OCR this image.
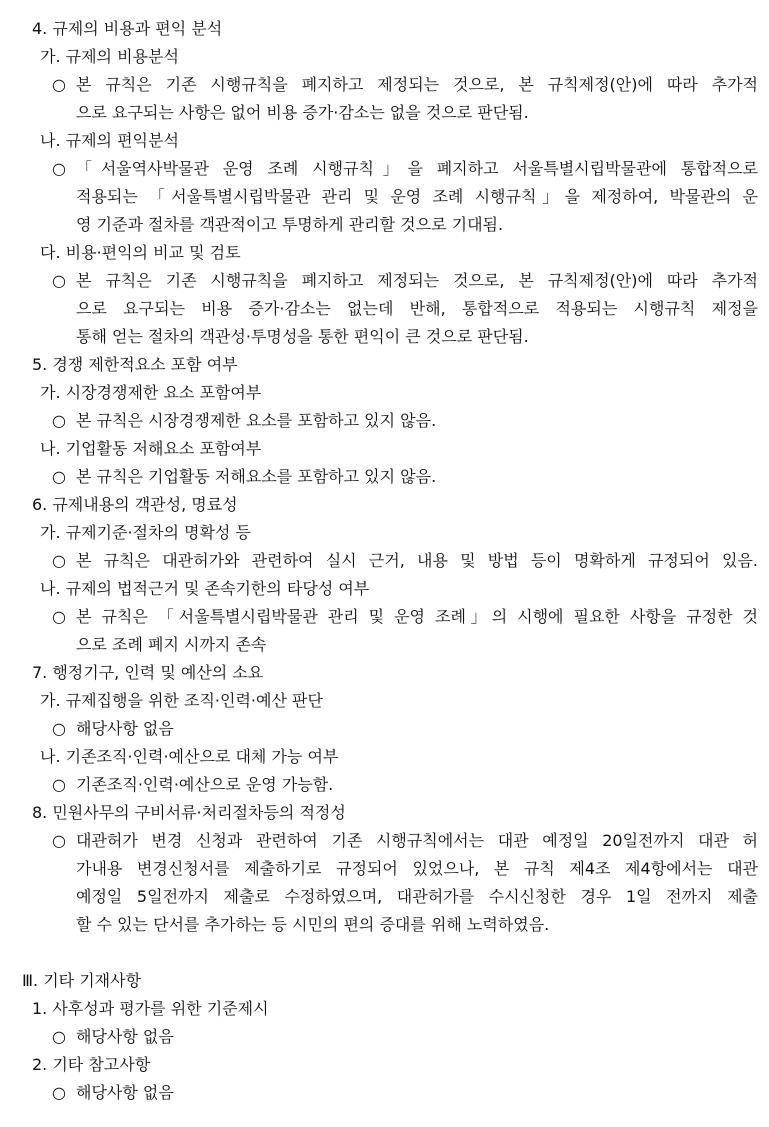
4. 규제의 비용과 편익 분석
가. 규제의 비용분석
○ 본 규칙은 기존 시행규칙을 폐지하고 제정되는 것으로, 본 규칙제정(안)에 따라 추가적
으로 요구되는 사항은 없어 비용 증가·감소는 없을 것으로 판단됨.
나. 규제의 편익분석
○ 「서울역사박물관 운영 조례 시행규칙」을 폐지하고 서울특별시립박물관에 통합적으로
적용되는 「서울특별시립박물관 관리 및 운영 조례 시행규칙」을 제정하여, 박물관의 운
영 기준과 절차를 객관적이고 투명하게 관리할 것으로 기대됨.
다. 비용·편익의 비교 및 검토
○ 본 규칙은 기존 시행규칙을 폐지하고 제정되는 것으로, 본 규칙제정(안)에 따라 추가적
으로 요구되는 비용 증가·감소는 없는데 반해, 통합적으로 적용되는 시행규칙 제정을
통해 얻는 절차의 객관성·투명성을 통한 편익이 큰 것으로 판단됨.
5. 경쟁 제한적요소 포함 여부
가. 시장경쟁제한 요소 포함여부
○ 본 규칙은 시장경쟁제한 요소를 포함하고 있지 않음.
나. 기업활동 저해요소 포함여부
○ 본 규칙은 기업활동 저해요소를 포함하고 있지 않음.
6. 규제내용의 객관성, 명료성
가. 규제기준·절차의 명확성 등
○ 본 규칙은 대관허가와 관련하여 실시 근거, 내용 및 방법 등이 명확하게 규정되어 있음.
나. 규제의 법적근거 및 존속기한의 타당성 여부
○ 본 규칙은 「서울특별시립박물관 관리 및 운영 조례」의 시행에 필요한 사항을 규정한 것
으로 조례 폐지 시까지 존속
7. 행정기구, 인력 및 예산의 소요
가. 규제집행을 위한 조직·인력·예산 판단
○ 해당사항 없음
나. 기존조직·인력·예산으로 대체 가능 여부
○ 기존조직·인력·예산으로 운영 가능함.
8. 민원사무의 구비서류·처리절차등의 적정성
○ 대관허가 변경 신청과 관련하여 기존 시행규칙에서는 대관 예정일 20일전까지 대관 허
가내용 변경신청서를 제출하기로 규정되어 있었으나, 본 규칙 제4조 제4항에서는 대관
예정일 5일전까지 제출로 수정하였으며, 대관허가를 수시신청한 경우 1일 전까지 제출
할 수 있는 단서를 추가하는 등 시민의 편의 증대를 위해 노력하였음.
Ⅲ. 기타 기재사항
1. 사후성과 평가를 위한 기준제시
○ 해당사항 없음
2. 기타 참고사항
○ 해당사항 없음
